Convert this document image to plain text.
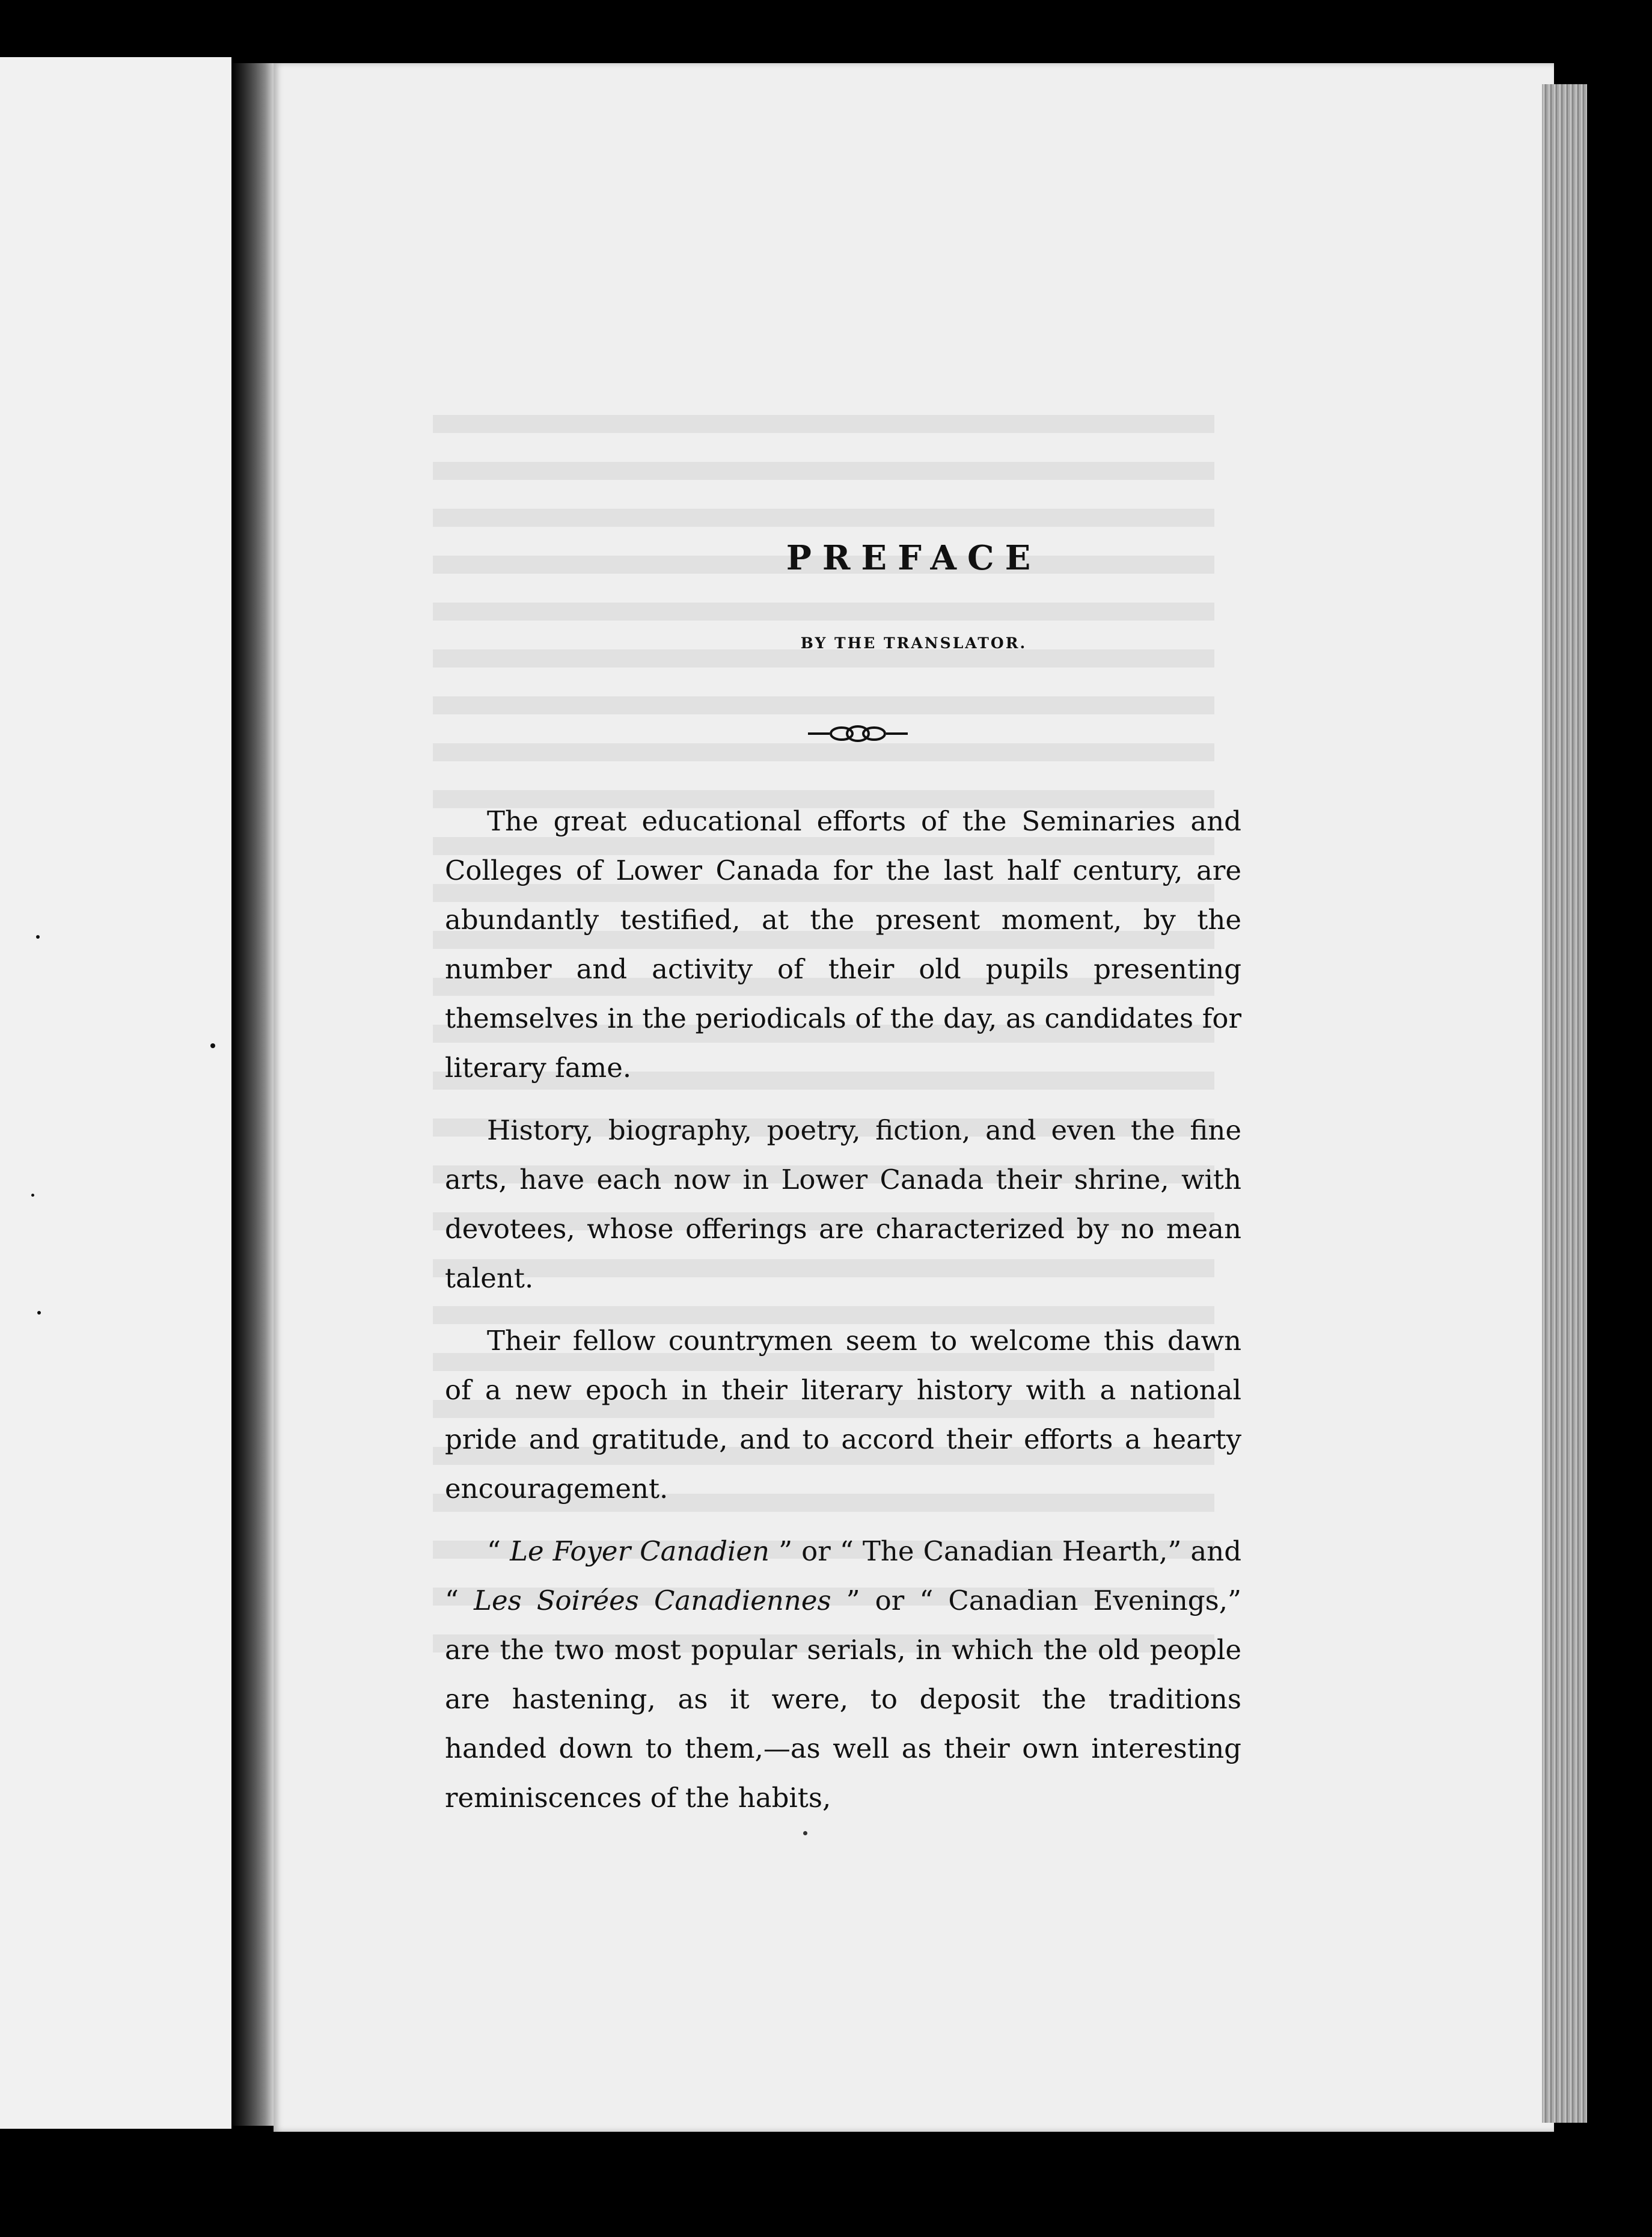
PREFACE
BY THE TRANSLATOR.

The great educational efforts of the Seminaries and Colleges of Lower Canada for the last half century, are abundantly testified, at the present moment, by the number and activity of their old pupils presenting themselves in the periodicals of the day, as candidates for literary fame.

History, biography, poetry, fiction, and even the fine arts, have each now in Lower Canada their shrine, with devotees, whose offerings are characterized by no mean talent.

Their fellow countrymen seem to welcome this dawn of a new epoch in their literary history with a national pride and gratitude, and to accord their efforts a hearty encouragement.

“ Le Foyer Canadien ” or “ The Canadian Hearth,” and “ Les Soirées Canadiennes ” or “ Canadian Evenings,” are the two most popular serials, in which the old people are hastening, as it were, to deposit the traditions handed down to them,—as well as their own interesting reminiscences of the habits,
